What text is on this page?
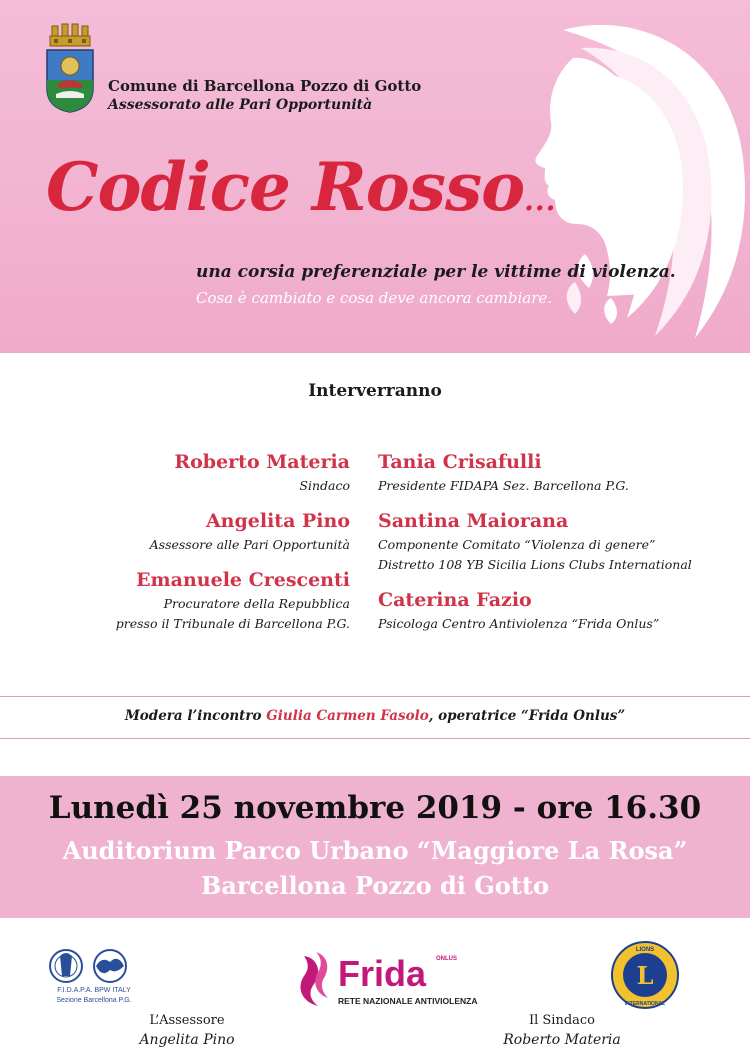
Comune di Barcellona Pozzo di Gotto
Assessorato alle Pari Opportunità
Codice Rosso...
una corsia preferenziale per le vittime di violenza.
Cosa è cambiato e cosa deve ancora cambiare.
Interverranno
Roberto Materia
Sindaco
Angelita Pino
Assessore alle Pari Opportunità
Emanuele Crescenti
Procuratore della Repubblica
presso il Tribunale di Barcellona P.G.
Tania Crisafulli
Presidente FIDAPA Sez. Barcellona P.G.
Santina Maiorana
Componente Comitato “Violenza di genere”
Distretto 108 YB Sicilia Lions Clubs International
Caterina Fazio
Psicologa Centro Antiviolenza “Frida Onlus”
Modera l’incontro Giulia Carmen Fasolo, operatrice “Frida Onlus”
Lunedì 25 novembre 2019 - ore 16.30
Auditorium Parco Urbano “Maggiore La Rosa”
Barcellona Pozzo di Gotto
F.I.D.A.P.A. BPW ITALY
Sezione Barcellona P.G.
Frida ONLUS
RETE NAZIONALE ANTIVIOLENZA
L
LIONS
INTERNATIONAL
L’Assessore
Angelita Pino
Il Sindaco
Roberto Materia
